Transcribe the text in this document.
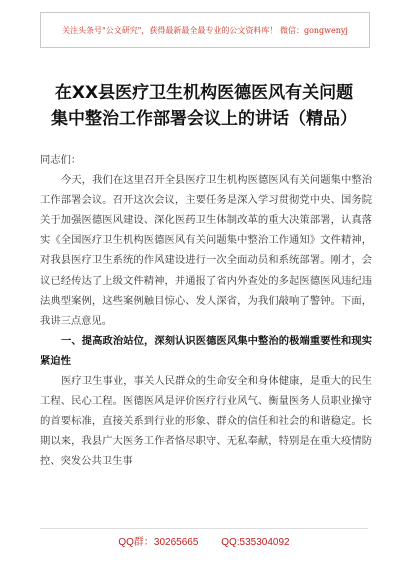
关注头条号"公文研究"，获得最新最全最专业的公文资料库！ 微信：gongwenyj
在XX县医疗卫生机构医德医风有关问题
集中整治工作部署会议上的讲话（精品）

同志们：

今天，我们在这里召开全县医疗卫生机构医德医风有关问题集中整治工作部署会议。召开这次会议，主要任务是深入学习贯彻党中央、国务院关于加强医德医风建设、深化医药卫生体制改革的重大决策部署，认真落实《全国医疗卫生机构医德医风有关问题集中整治工作通知》文件精神，对我县医疗卫生系统的作风建设进行一次全面动员和系统部署。刚才，会议已经传达了上级文件精神，并通报了省内外查处的多起医德医风违纪违法典型案例，这些案例触目惊心、发人深省，为我们敲响了警钟。下面，我讲三点意见。

一、提高政治站位，深刻认识医德医风集中整治的极端重要性和现实紧迫性

医疗卫生事业，事关人民群众的生命安全和身体健康，是重大的民生工程、民心工程。医德医风是评价医疗行业风气、衡量医务人员职业操守的首要标准，直接关系到行业的形象、群众的信任和社会的和谐稳定。长期以来，我县广大医务工作者恪尽职守、无私奉献，特别是在重大疫情防控、突发公共卫生事

QQ群：30265665 QQ:535304092
